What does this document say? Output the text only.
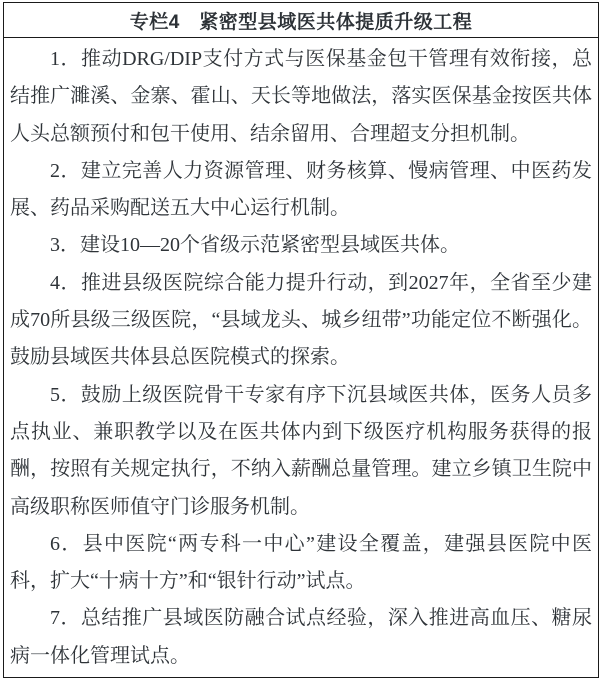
专栏4　紧密型县域医共体提质升级工程

1．推动DRG/DIP支付方式与医保基金包干管理有效衔接，总结推广濉溪、金寨、霍山、天长等地做法，落实医保基金按医共体人头总额预付和包干使用、结余留用、合理超支分担机制。

2．建立完善人力资源管理、财务核算、慢病管理、中医药发展、药品采购配送五大中心运行机制。

3．建设10—20个省级示范紧密型县域医共体。

4．推进县级医院综合能力提升行动，到2027年，全省至少建成70所县级三级医院，“县域龙头、城乡纽带”功能定位不断强化。鼓励县域医共体县总医院模式的探索。

5．鼓励上级医院骨干专家有序下沉县域医共体，医务人员多点执业、兼职教学以及在医共体内到下级医疗机构服务获得的报酬，按照有关规定执行，不纳入薪酬总量管理。建立乡镇卫生院中高级职称医师值守门诊服务机制。

6．县中医院“两专科一中心”建设全覆盖，建强县医院中医科，扩大“十病十方”和“银针行动”试点。

7．总结推广县域医防融合试点经验，深入推进高血压、糖尿病一体化管理试点。
